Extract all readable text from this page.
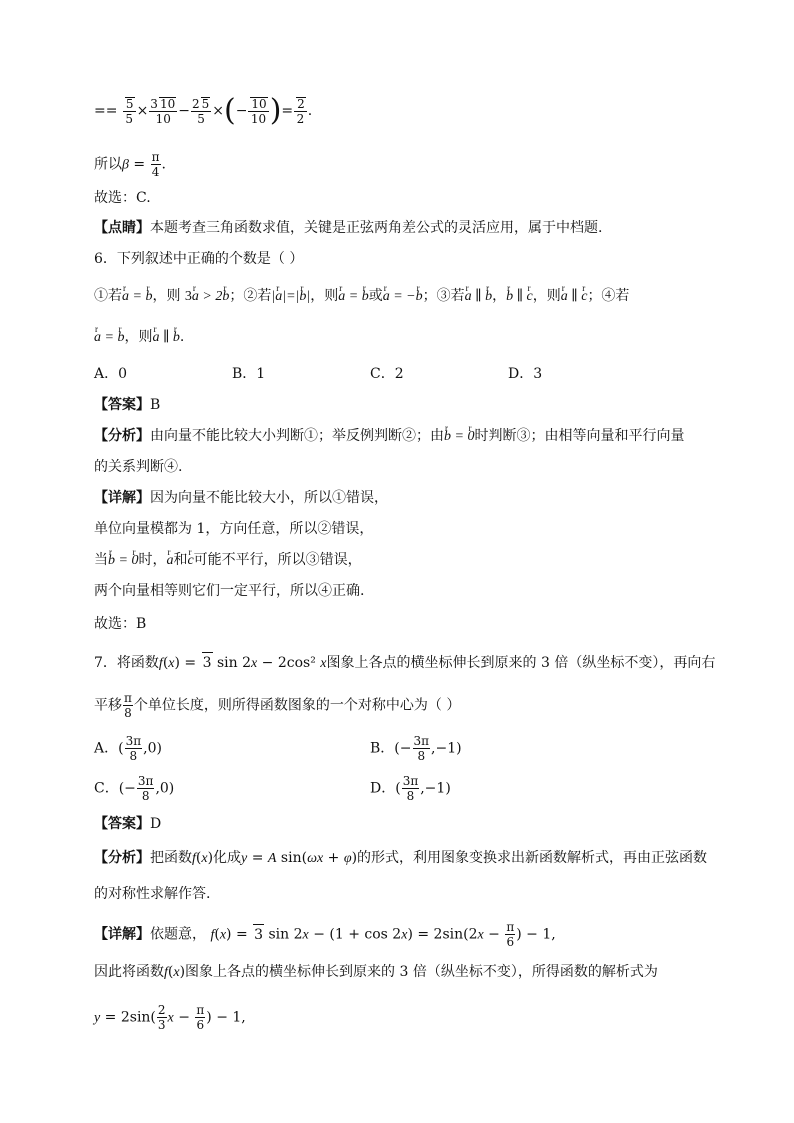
== $\frac{5}{5} \times \frac{3 10}{10} - \frac{2 5}{5}$ ×(− $\frac{10}{10}$ )= $\frac{2}{2}$ .
所以$\beta = \frac{\pi}{4}$ .
故选：C.
【点睛】本题考查三角函数求值，关键是正弦两角差公式的灵活应用，属于中档题.
6．下列叙述中正确的个数是（ ）
①若r a = r b，则 3r a > 2r b；②若|r a|=|r b|，则r a = r b或r a = −r b；③若r a ∥ r b，r b ∥ r c，则r a ∥ r c；④若
r a = r b，则r a ∥ r b.
A．0	B．1	C．2	D．3
【答案】B
【分析】由向量不能比较大小判断①；举反例判断②；由r b = r 0时判断③；由相等向量和平行向量
的关系判断④.
【详解】因为向量不能比较大小，所以①错误，
单位向量模都为 1，方向任意，所以②错误，
当r b = r 0时，r a和r c可能不平行，所以③错误，
两个向量相等则它们一定平行，所以④正确.
故选：B
7．将函数f(x) = 3 sin 2x − 2cos² x图象上各点的横坐标伸长到原来的 3 倍（纵坐标不变），再向右
平移 $\frac{\pi}{8}$ 个单位长度，则所得函数图象的一个对称中心为（ ）
A．( $\frac{3\pi}{8} ,0$)	B．(− $\frac{3\pi}{8} ,-1$)
C．(− $\frac{3\pi}{8} ,0$)	D．( $\frac{3\pi}{8} ,-1$)
【答案】D
【分析】把函数f(x)化成y = A sin(ωx + φ)的形式，利用图象变换求出新函数解析式，再由正弦函数
的对称性求解作答.
【详解】依题意， f(x) = 3 $\sin 2x - (1 + \cos 2x) = 2\sin(2x - \frac{\pi}{6}$ ) − 1,
因此将函数f(x)图象上各点的横坐标伸长到原来的 3 倍（纵坐标不变），所得函数的解析式为
$y = 2\sin( \frac{2}{3}$ $x - \frac{\pi}{6}$ ) − 1,
